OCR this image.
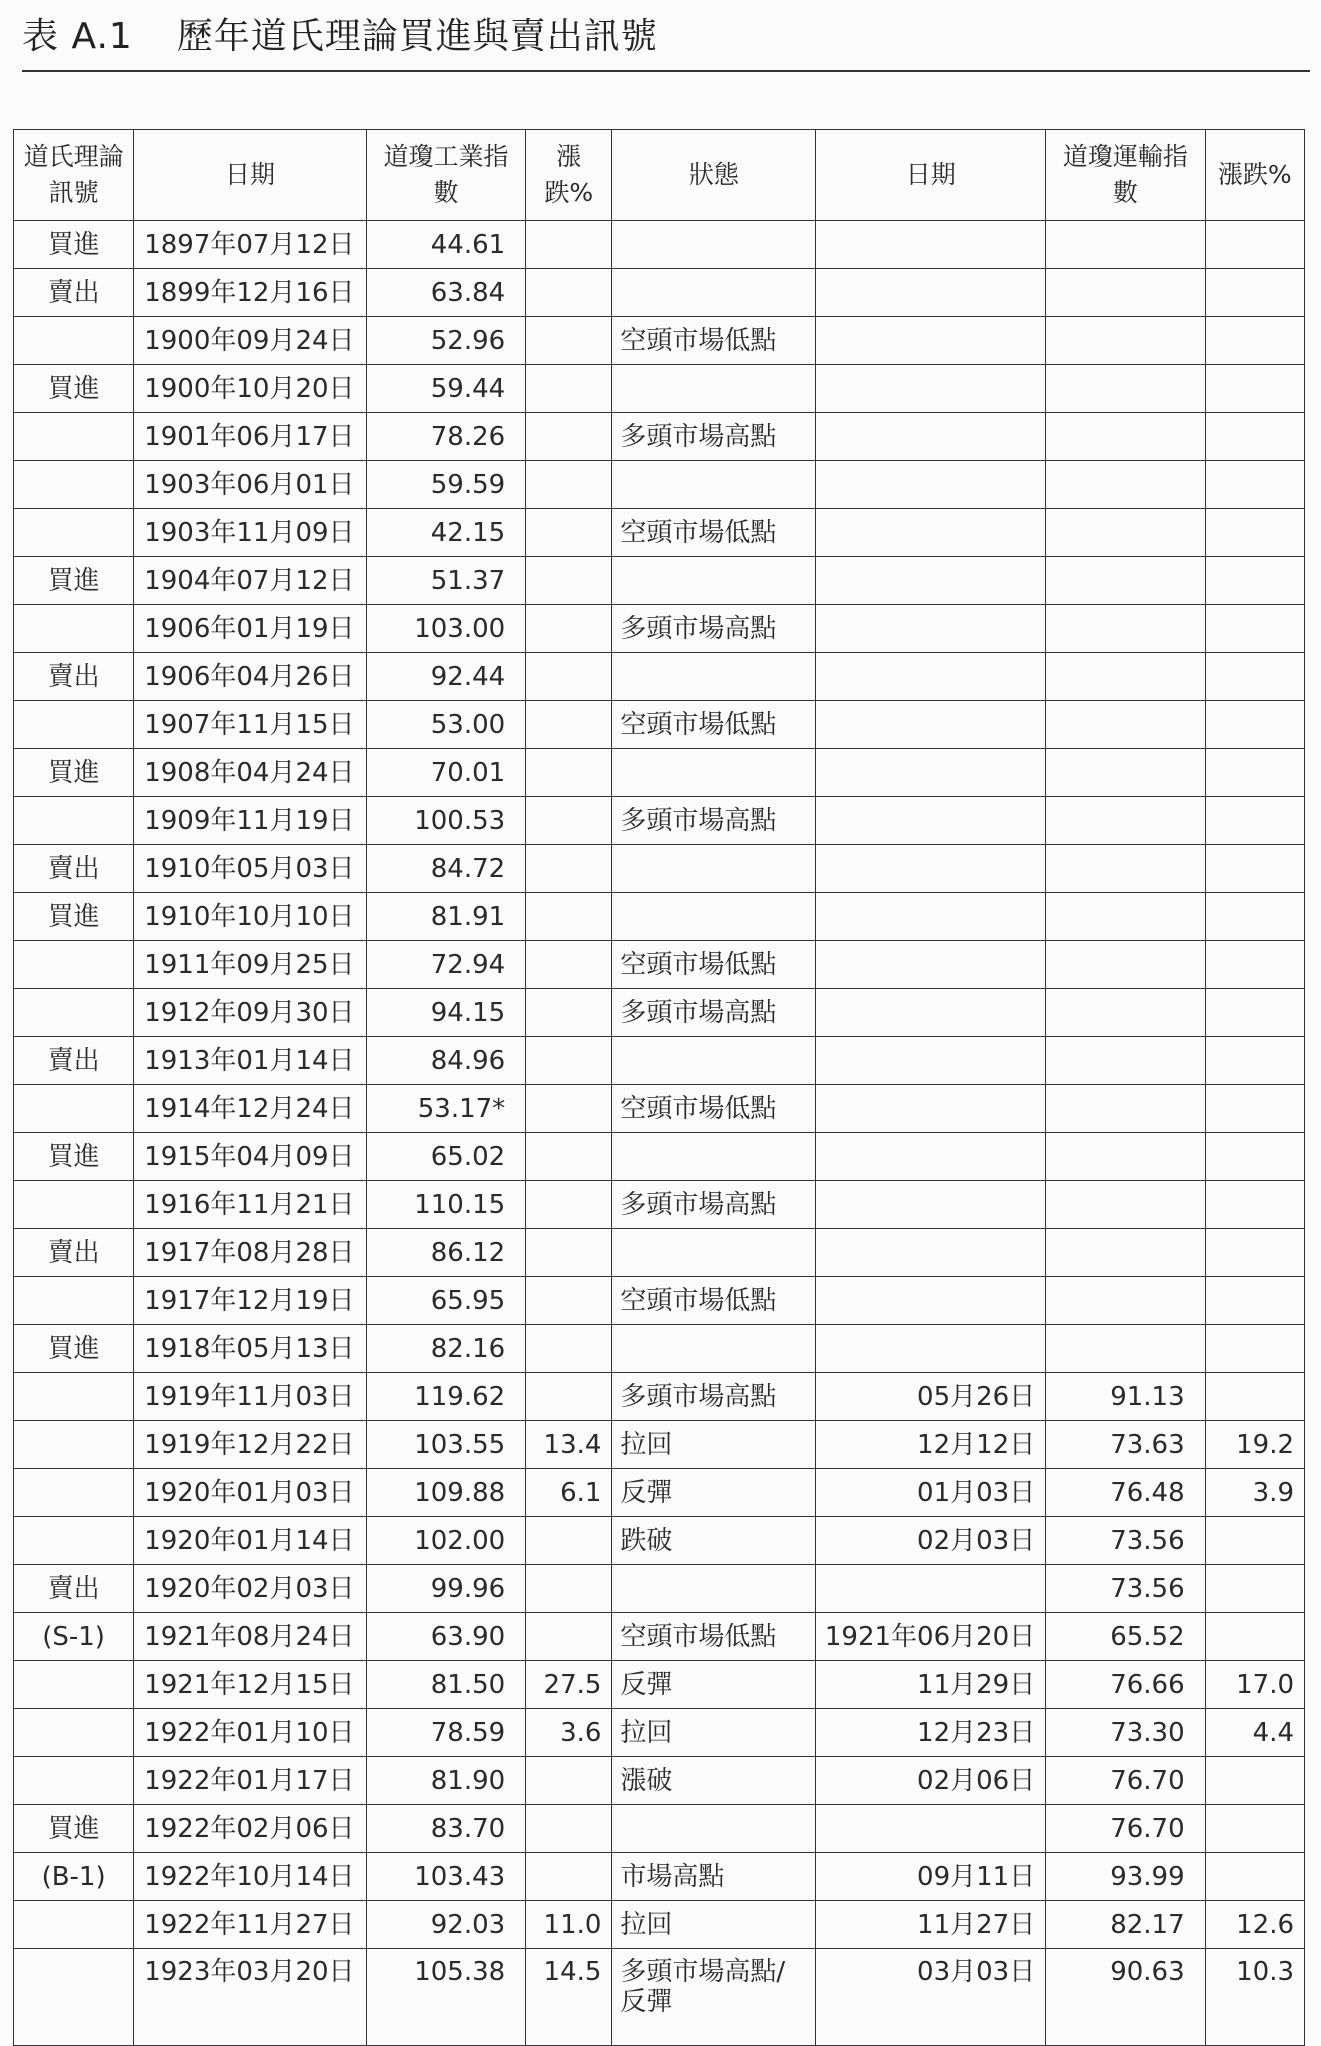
表 A.1 歷年道氏理論買進與賣出訊號
道氏理論訊號	日期	道瓊工業指數	漲跌%	狀態	日期	道瓊運輸指數	漲跌%
買進	1897年07月12日	44.61					
賣出	1899年12月16日	63.84					
	1900年09月24日	52.96		空頭市場低點			
買進	1900年10月20日	59.44					
	1901年06月17日	78.26		多頭市場高點			
	1903年06月01日	59.59					
	1903年11月09日	42.15		空頭市場低點			
買進	1904年07月12日	51.37					
	1906年01月19日	103.00		多頭市場高點			
賣出	1906年04月26日	92.44					
	1907年11月15日	53.00		空頭市場低點			
買進	1908年04月24日	70.01					
	1909年11月19日	100.53		多頭市場高點			
賣出	1910年05月03日	84.72					
買進	1910年10月10日	81.91					
	1911年09月25日	72.94		空頭市場低點			
	1912年09月30日	94.15		多頭市場高點			
賣出	1913年01月14日	84.96					
	1914年12月24日	53.17*		空頭市場低點			
買進	1915年04月09日	65.02					
	1916年11月21日	110.15		多頭市場高點			
賣出	1917年08月28日	86.12					
	1917年12月19日	65.95		空頭市場低點			
買進	1918年05月13日	82.16					
	1919年11月03日	119.62		多頭市場高點	05月26日	91.13	
	1919年12月22日	103.55	13.4	拉回	12月12日	73.63	19.2
	1920年01月03日	109.88	6.1	反彈	01月03日	76.48	3.9
	1920年01月14日	102.00		跌破	02月03日	73.56	
賣出	1920年02月03日	99.96				73.56	
(S-1)	1921年08月24日	63.90		空頭市場低點	1921年06月20日	65.52	
	1921年12月15日	81.50	27.5	反彈	11月29日	76.66	17.0
	1922年01月10日	78.59	3.6	拉回	12月23日	73.30	4.4
	1922年01月17日	81.90		漲破	02月06日	76.70	
買進	1922年02月06日	83.70				76.70	
(B-1)	1922年10月14日	103.43		市場高點	09月11日	93.99	
	1922年11月27日	92.03	11.0	拉回	11月27日	82.17	12.6
	1923年03月20日	105.38	14.5	多頭市場高點/反彈	03月03日	90.63	10.3
